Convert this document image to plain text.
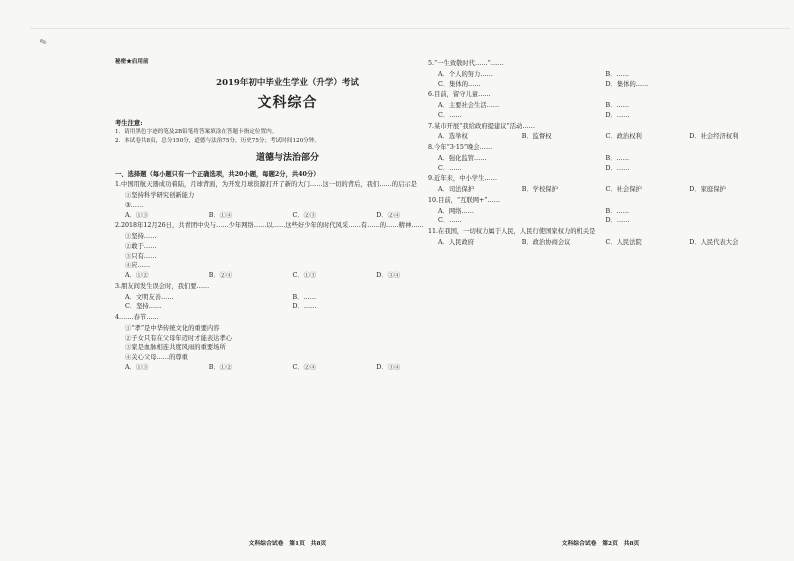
✎
秘密★启用前
2019年初中毕业生学业（升学）考试
文科综合
考生注意:
1．请用黑色字迹的笔及2B铅笔将答案填涂在答题卡指定位置内。
2．本试卷共8页，总分150分，道德与法治75分，历史75分；考试时间120分钟。
道德与法治部分
一、选择题（每小题只有一个正确选项，共20小题，每题2分，共40分）
1.中国用航天器成功着陆，月球背面，为开发月球资源打开了新的大门……这一切的背后，我们……的启示是
①坚持科学研究创新能力
③……
A．①③	B．①④	C．②③	D．②④
2.2018年12月26日，共青团中央与……少年网络……以……这些好少年的时代风采……有……的……精神……
①坚持……
②敢于……
③只有……
④应……
A．①②	B．②④	C．①③	D．③④
3.朋友间发生误会时，我们要……
A．文明友善……	B．……
C．坚持……	D．……
4.……春节……
①“孝”是中华传统文化的重要内容
②子女只有在父母年迈时才能表达孝心
③家是血脉相连共度风雨的重要场所
④关心父母……的尊重
A．①③	B．①②	C．②④	D．③④
文科综合试卷　第1页　共8页
5.“一生致敬时代……”……
A．个人的努力……	B．……
C．集体的……	D．集体的……
6.目前，留守儿童……
A．主要社会生活……	B．……
C．……	D．……
7.某市开展“我给政府提建议”活动……
A．选举权	B．监督权	C．政治权利	D．社会经济权利
8.今年“3·15”晚会……
A．强化监管……	B．……
C．……	D．……
9.近年来，中小学生……
A．司法保护	B．学校保护	C．社会保护	D．家庭保护
10.目前，“互联网+”……
A．网络……	B．……
C．……	D．……
11.在我国，一切权力属于人民，人民行使国家权力的机关是
A．人民政府	B．政治协商会议	C．人民法院	D．人民代表大会
文科综合试卷　第2页　共8页
